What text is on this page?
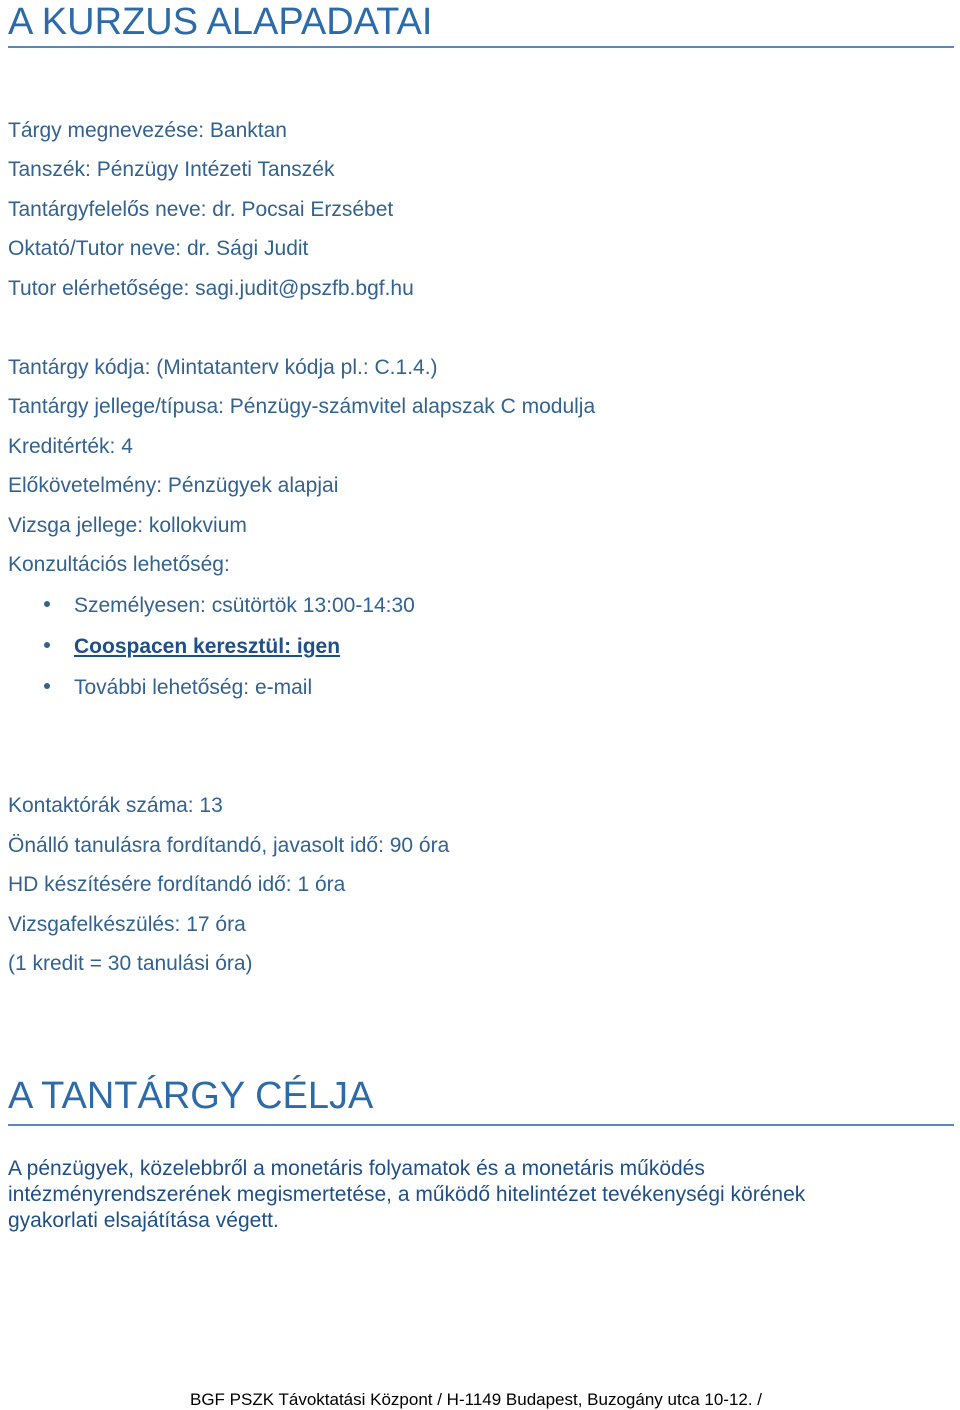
A KURZUS ALAPADATAI
Tárgy megnevezése: Banktan
Tanszék: Pénzügy Intézeti Tanszék
Tantárgyfelelős neve: dr. Pocsai Erzsébet
Oktató/Tutor neve: dr. Sági Judit
Tutor elérhetősége: sagi.judit@pszfb.bgf.hu
Tantárgy kódja: (Mintatanterv kódja pl.: C.1.4.)
Tantárgy jellege/típusa: Pénzügy-számvitel alapszak C modulja
Kreditérték: 4
Előkövetelmény: Pénzügyek alapjai
Vizsga jellege: kollokvium
Konzultációs lehetőség:
Személyesen: csütörtök 13:00-14:30
Coospacen keresztül: igen
További lehetőség: e-mail
Kontaktórák száma: 13
Önálló tanulásra fordítandó, javasolt idő: 90 óra
HD készítésére fordítandó idő: 1 óra
Vizsgafelkészülés: 17 óra
(1 kredit = 30 tanulási óra)
A TANTÁRGY CÉLJA
A pénzügyek, közelebbről a monetáris folyamatok és a monetáris működés
intézményrendszerének megismertetése, a működő hitelintézet tevékenységi körének
gyakorlati elsajátítása végett.
BGF PSZK Távoktatási Központ / H-1149 Budapest, Buzogány utca 10-12. /
